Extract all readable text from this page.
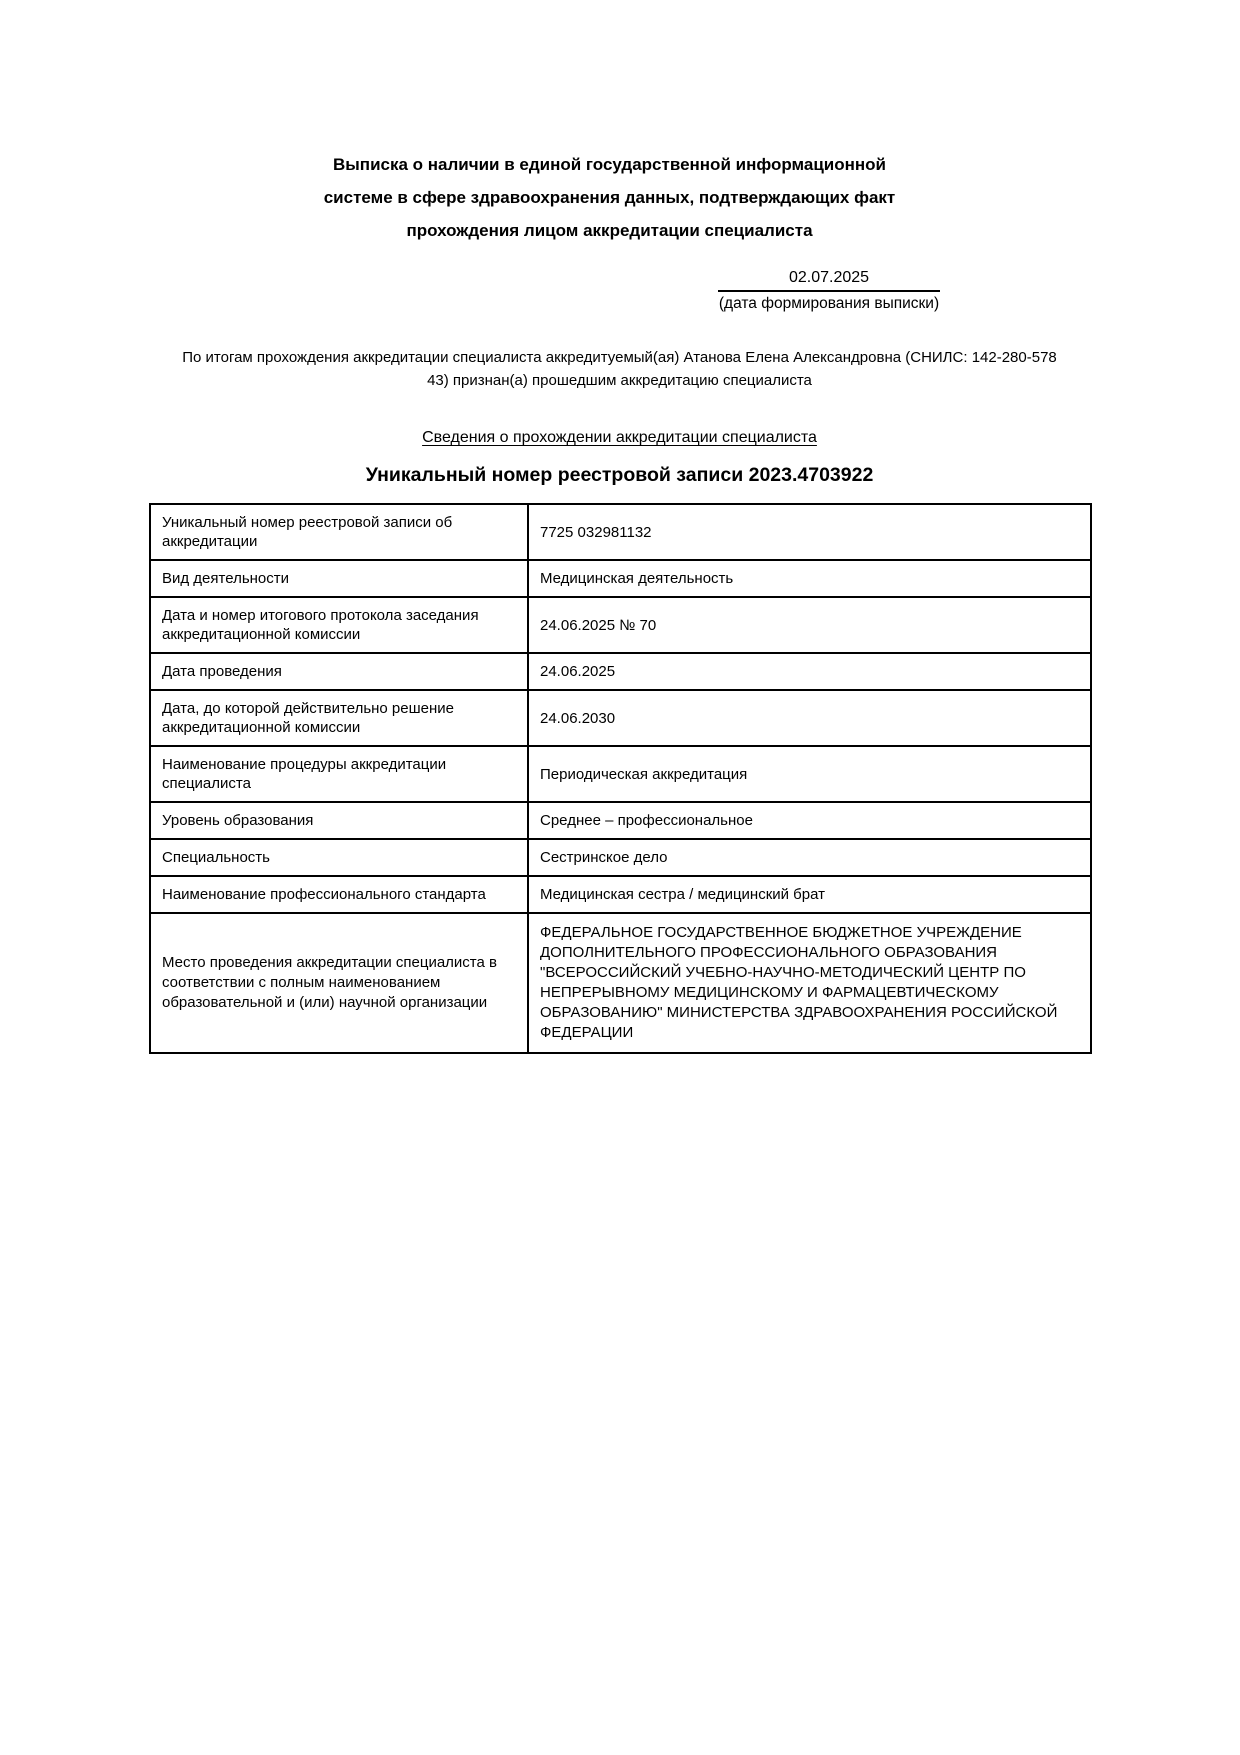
Выписка о наличии в единой государственной информационной
системе в сфере здравоохранения данных, подтверждающих факт
прохождения лицом аккредитации специалиста
02.07.2025
(дата формирования выписки)
По итогам прохождения аккредитации специалиста аккредитуемый(ая) Атанова Елена Александровна (СНИЛС: 142-280-578
43) признан(а) прошедшим аккредитацию специалиста
Сведения о прохождении аккредитации специалиста
Уникальный номер реестровой записи 2023.4703922
Уникальный номер реестровой записи об аккредитации	7725 032981132
Вид деятельности	Медицинская деятельность
Дата и номер итогового протокола заседания аккредитационной комиссии	24.06.2025 № 70
Дата проведения	24.06.2025
Дата, до которой действительно решение аккредитационной комиссии	24.06.2030
Наименование процедуры аккредитации специалиста	Периодическая аккредитация
Уровень образования	Среднее – профессиональное
Специальность	Сестринское дело
Наименование профессионального стандарта	Медицинская сестра / медицинский брат
Место проведения аккредитации специалиста в соответствии с полным наименованием образовательной и (или) научной организации	ФЕДЕРАЛЬНОЕ ГОСУДАРСТВЕННОЕ БЮДЖЕТНОЕ УЧРЕЖДЕНИЕ ДОПОЛНИТЕЛЬНОГО ПРОФЕССИОНАЛЬНОГО ОБРАЗОВАНИЯ "ВСЕРОССИЙСКИЙ УЧЕБНО-НАУЧНО-МЕТОДИЧЕСКИЙ ЦЕНТР ПО НЕПРЕРЫВНОМУ МЕДИЦИНСКОМУ И ФАРМАЦЕВТИЧЕСКОМУ ОБРАЗОВАНИЮ" МИНИСТЕРСТВА ЗДРАВООХРАНЕНИЯ РОССИЙСКОЙ ФЕДЕРАЦИИ
